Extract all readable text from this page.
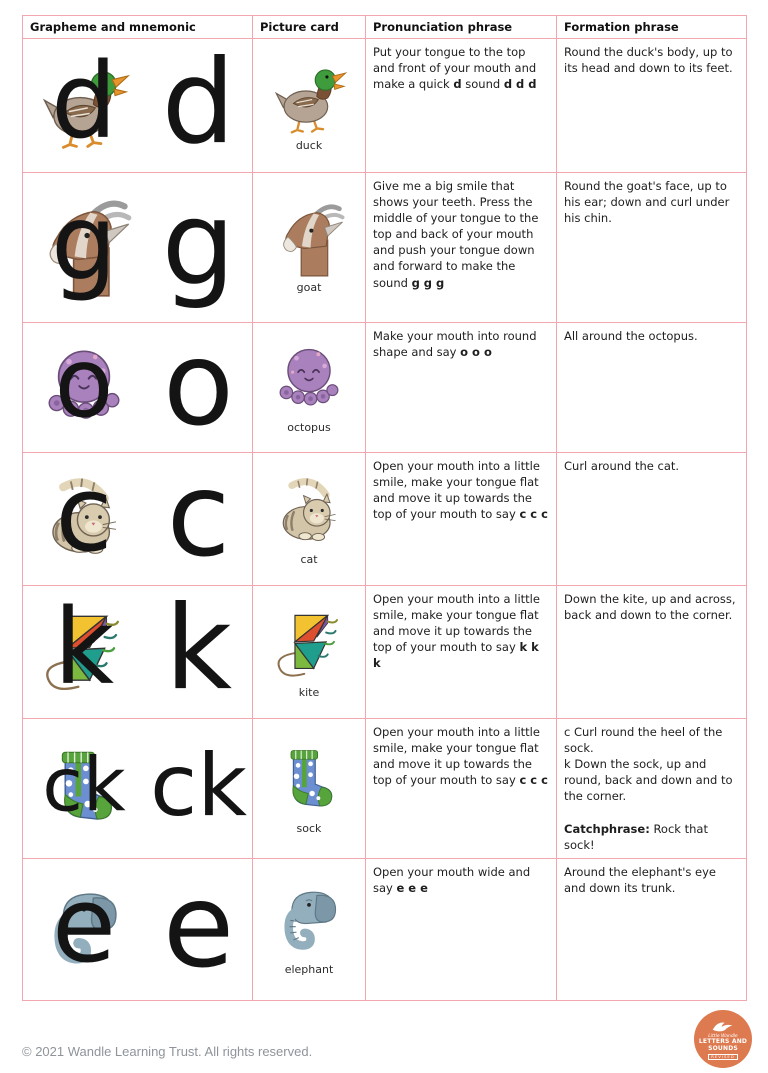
Grapheme and mnemonic	Picture card	Pronunciation phrase	Formation phrase

d d	duck	Put your tongue to the top and front of your mouth and make a quick d sound d d d	Round the duck's body, up to its head and down to its feet.

g g	goat	Give me a big smile that shows your teeth. Press the middle of your tongue to the top and back of your mouth and push your tongue down and forward to make the sound g g g	Round the goat's face, up to his ear; down and curl under his chin.

o o	octopus	Make your mouth into round shape and say o o o	All around the octopus.

c c	cat	Open your mouth into a little smile, make your tongue flat and move it up towards the top of your mouth to say c c c	Curl around the cat.

k k	kite	Open your mouth into a little smile, make your tongue flat and move it up towards the top of your mouth to say k k k	Down the kite, up and across, back and down to the corner.

ck ck	sock	Open your mouth into a little smile, make your tongue flat and move it up towards the top of your mouth to say c c c	c Curl round the heel of the sock.
k Down the sock, up and round, back and down and to the corner.

Catchphrase: Rock that sock!

e e	elephant	Open your mouth wide and say e e e	Around the elephant's eye and down its trunk.
© 2021 Wandle Learning Trust. All rights reserved.
Little Wandle
LETTERS AND
SOUNDS
REVISED
